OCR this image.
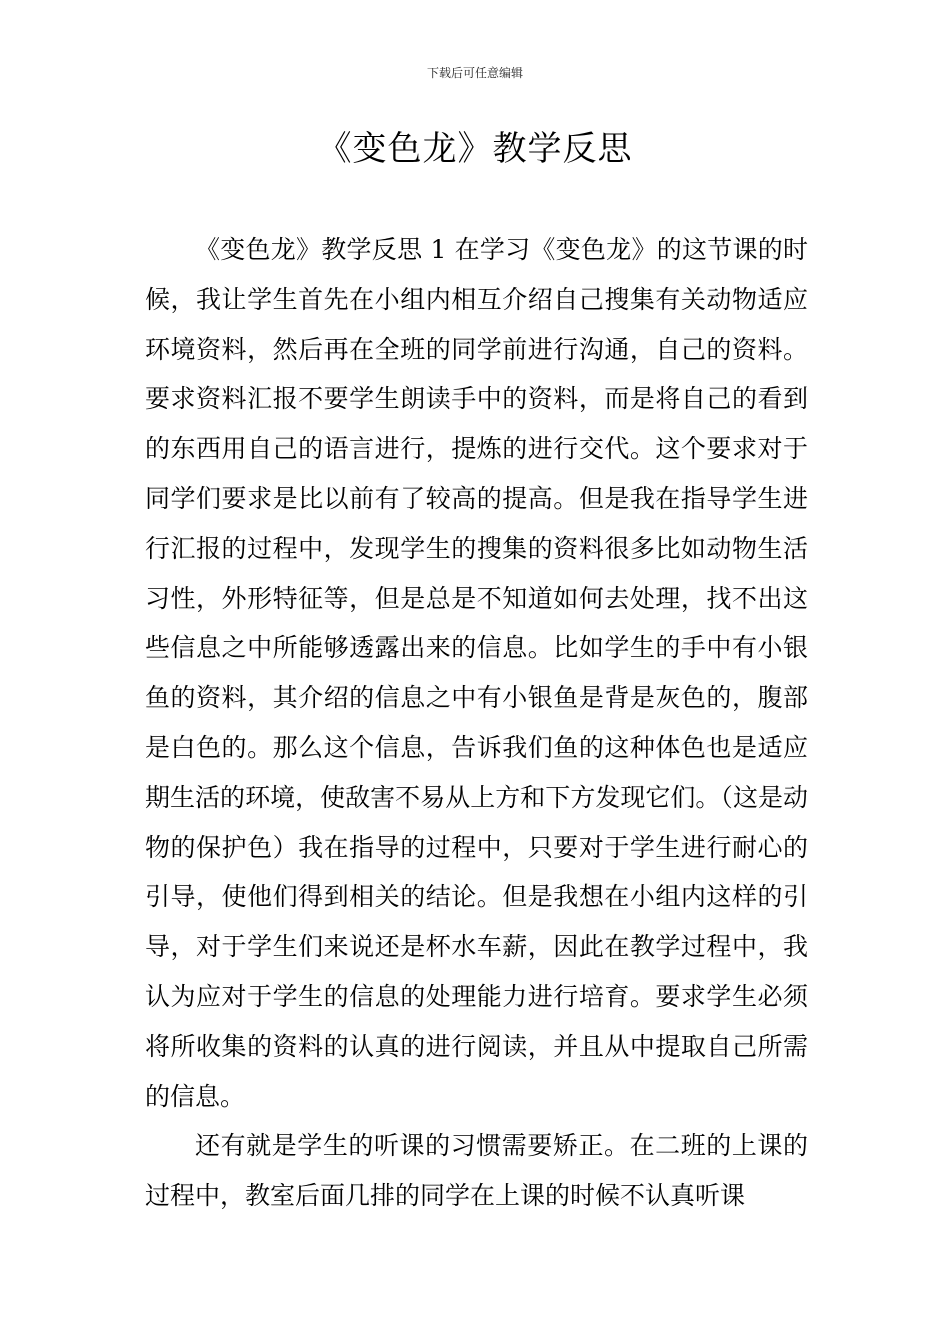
下载后可任意编辑
《变色龙》教学反思

《变色龙》教学反思 1 在学习《变色龙》的这节课的时候，我让学生首先在小组内相互介绍自己搜集有关动物适应环境资料，然后再在全班的同学前进行沟通，自己的资料。要求资料汇报不要学生朗读手中的资料，而是将自己的看到的东西用自己的语言进行，提炼的进行交代。这个要求对于同学们要求是比以前有了较高的提高。但是我在指导学生进行汇报的过程中，发现学生的搜集的资料很多比如动物生活习性，外形特征等，但是总是不知道如何去处理，找不出这些信息之中所能够透露出来的信息。比如学生的手中有小银鱼的资料，其介绍的信息之中有小银鱼是背是灰色的，腹部是白色的。那么这个信息，告诉我们鱼的这种体色也是适应期生活的环境，使敌害不易从上方和下方发现它们。（这是动物的保护色）我在指导的过程中，只要对于学生进行耐心的引导，使他们得到相关的结论。但是我想在小组内这样的引导，对于学生们来说还是杯水车薪，因此在教学过程中，我认为应对于学生的信息的处理能力进行培育。要求学生必须将所收集的资料的认真的进行阅读，并且从中提取自己所需的信息。

还有就是学生的听课的习惯需要矫正。在二班的上课的过程中，教室后面几排的同学在上课的时候不认真听课
